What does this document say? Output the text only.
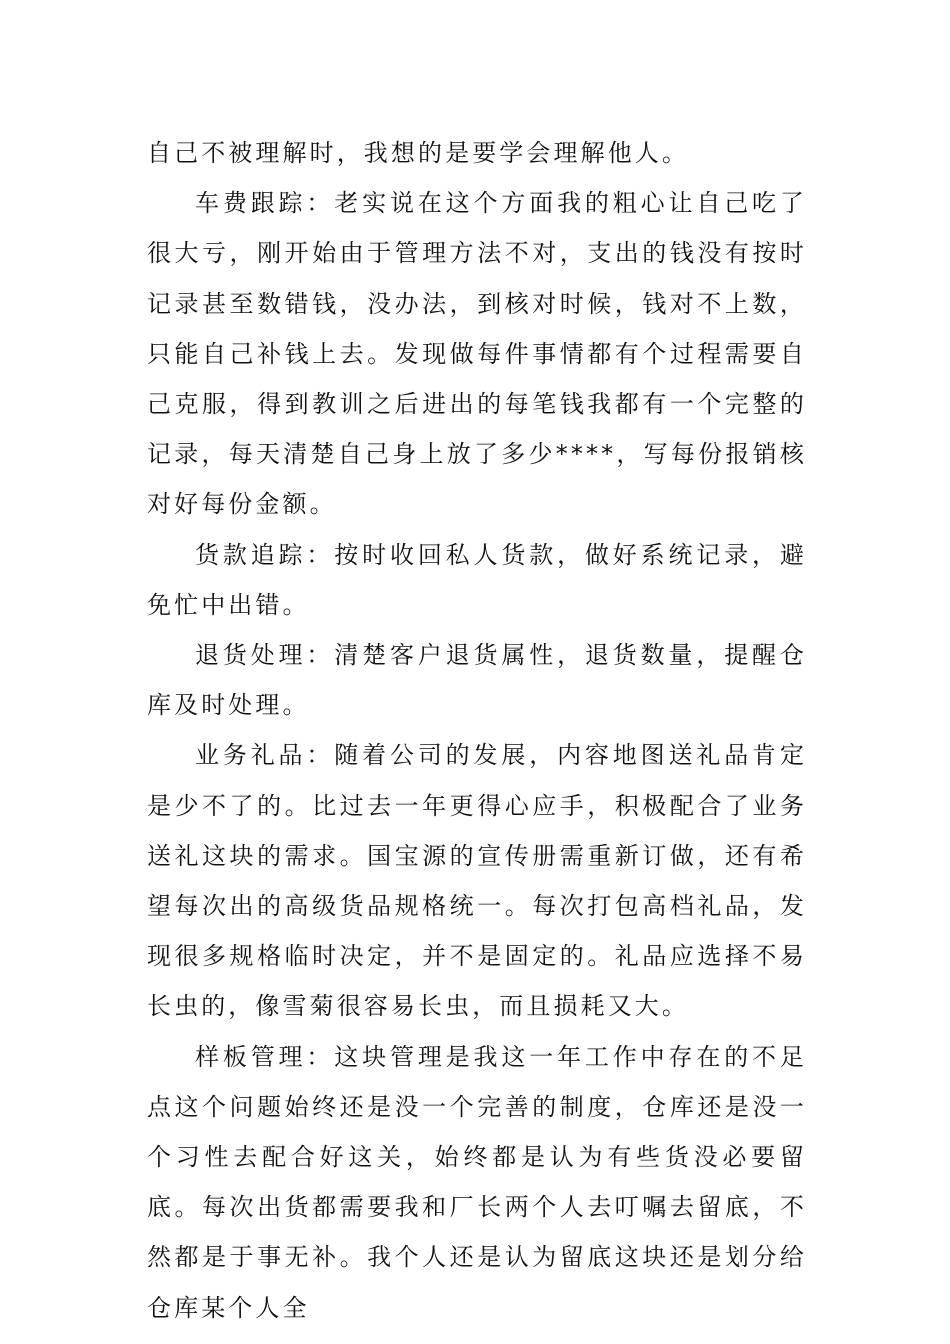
自己不被理解时，我想的是要学会理解他人。

车费跟踪：老实说在这个方面我的粗心让自己吃了很大亏，刚开始由于管理方法不对，支出的钱没有按时记录甚至数错钱，没办法，到核对时候，钱对不上数，只能自己补钱上去。发现做每件事情都有个过程需要自己克服，得到教训之后进出的每笔钱我都有一个完整的记录，每天清楚自己身上放了多少****，写每份报销核对好每份金额。

货款追踪：按时收回私人货款，做好系统记录，避免忙中出错。

退货处理：清楚客户退货属性，退货数量，提醒仓库及时处理。

业务礼品：随着公司的发展，内容地图送礼品肯定是少不了的。比过去一年更得心应手，积极配合了业务送礼这块的需求。国宝源的宣传册需重新订做，还有希望每次出的高级货品规格统一。每次打包高档礼品，发现很多规格临时决定，并不是固定的。礼品应选择不易长虫的，像雪菊很容易长虫，而且损耗又大。

样板管理：这块管理是我这一年工作中存在的不足点这个问题始终还是没一个完善的制度，仓库还是没一个习性去配合好这关，始终都是认为有些货没必要留底。每次出货都需要我和厂长两个人去叮嘱去留底，不然都是于事无补。我个人还是认为留底这块还是划分给仓库某个人全
